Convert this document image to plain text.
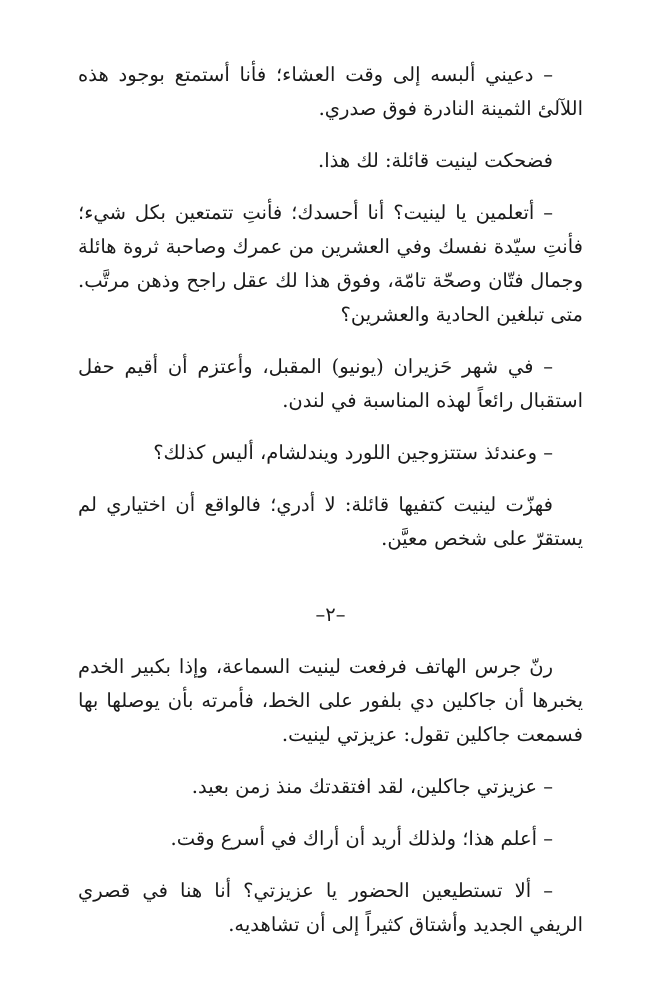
– دعيني ألبسه إلى وقت العشاء؛ فأنا أستمتع بوجود هذه اللآلئ الثمينة النادرة فوق صدري.

فضحكت لينيت قائلة: لك هذا.

– أتعلمين يا لينيت؟ أنا أحسدك؛ فأنتِ تتمتعين بكل شيء؛ فأنتِ سيّدة نفسك وفي العشرين من عمرك وصاحبة ثروة هائلة وجمال فتّان وصحّة تامّة، وفوق هذا لك عقل راجح وذهن مرتَّب. متى تبلغين الحادية والعشرين؟

– في شهر حَزيران (يونيو) المقبل، وأعتزم أن أقيم حفل استقبال رائعاً لهذه المناسبة في لندن.

– وعندئذ ستتزوجين اللورد ويندلشام، أليس كذلك؟

فهزّت لينيت كتفيها قائلة: لا أدري؛ فالواقع أن اختياري لم يستقرّ على شخص معيَّن.

–٢–

رنّ جرس الهاتف فرفعت لينيت السماعة، وإذا بكبير الخدم يخبرها أن جاكلين دي بلفور على الخط، فأمرته بأن يوصلها بها فسمعت جاكلين تقول: عزيزتي لينيت.

– عزيزتي جاكلين، لقد افتقدتك منذ زمن بعيد.

– أعلم هذا؛ ولذلك أريد أن أراك في أسرع وقت.

– ألا تستطيعين الحضور يا عزيزتي؟ أنا هنا في قصري الريفي الجديد وأشتاق كثيراً إلى أن تشاهديه.
